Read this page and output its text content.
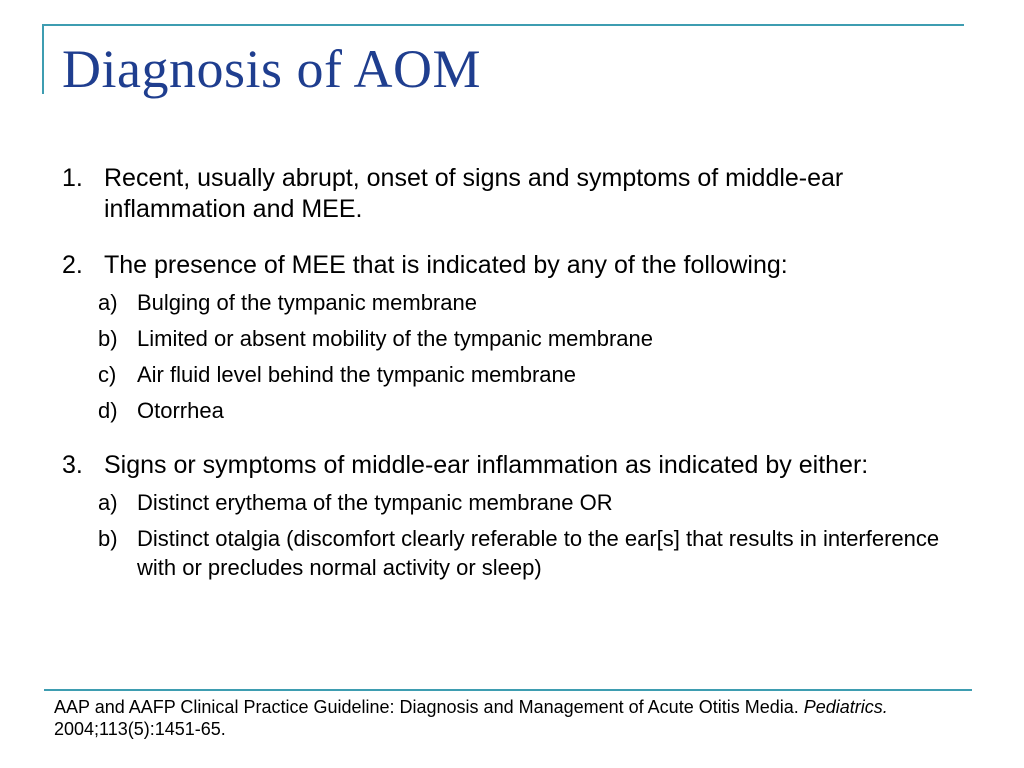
Diagnosis of AOM
1. Recent, usually abrupt, onset of signs and symptoms of middle-ear inflammation and MEE.
2. The presence of MEE that is indicated by any of the following:
a) Bulging of the tympanic membrane
b) Limited or absent mobility of the tympanic membrane
c) Air fluid level behind the tympanic membrane
d) Otorrhea
3. Signs or symptoms of middle-ear inflammation as indicated by either:
a) Distinct erythema of the tympanic membrane OR
b) Distinct otalgia (discomfort clearly referable to the ear[s] that results in interference with or precludes normal activity or sleep)
AAP and AAFP Clinical Practice Guideline: Diagnosis and Management of Acute Otitis Media. Pediatrics. 2004;113(5):1451-65.
